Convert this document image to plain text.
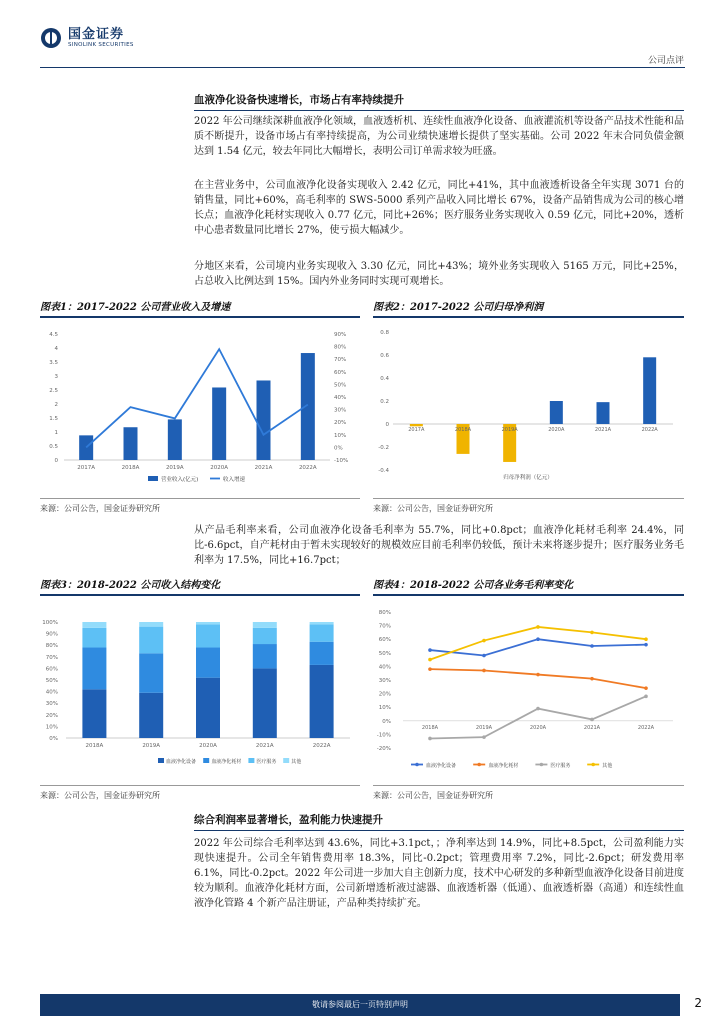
国金证券
SINOLINK SECURITIES
公司点评
血液净化设备快速增长，市场占有率持续提升
2022 年公司继续深耕血液净化领域，血液透析机、连续性血液净化设备、血液灌流机等设备产品技术性能和品质不断提升，设备市场占有率持续提高，为公司业绩快速增长提供了坚实基础。公司 2022 年末合同负债金额达到 1.54 亿元，较去年同比大幅增长，表明公司订单需求较为旺盛。
在主营业务中，公司血液净化设备实现收入 2.42 亿元，同比+41%，其中血液透析设备全年实现 3071 台的销售量，同比+60%，高毛利率的 SWS-5000 系列产品收入同比增长 67%，设备产品销售成为公司的核心增长点；血液净化耗材实现收入 0.77 亿元，同比+26%；医疗服务业务实现收入 0.59 亿元，同比+20%，透析中心患者数量同比增长 27%，使亏损大幅减少。
分地区来看，公司境内业务实现收入 3.30 亿元，同比+43%；境外业务实现收入 5165 万元，同比+25%，占总收入比例达到 15%。国内外业务同时实现可观增长。
图表1：2017-2022 公司营业收入及增速	图表2：2017-2022 公司归母净利润
0
0.5
1
1.5
2
2.5
3
3.5
4
4.5
-10%
0%
10%
20%
30%
40%
50%
60%
70%
80%
90%
2017A	2018A	2019A	2020A	2021A	2022A
营业收入(亿元)	收入增速
-0.4
-0.2
0
0.2
0.4
0.6
0.8
2017A	2018A	2019A	2020A	2021A	2022A
归母净利润（亿元）
来源：公司公告，国金证券研究所	来源：公司公告，国金证券研究所
从产品毛利率来看，公司血液净化设备毛利率为 55.7%，同比+0.8pct；血液净化耗材毛利率 24.4%，同比-6.6pct，自产耗材由于暂未实现较好的规模效应目前毛利率仍较低，预计未来将逐步提升；医疗服务业务毛利率为 17.5%，同比+16.7pct；
图表3：2018-2022 公司收入结构变化	图表4：2018-2022 公司各业务毛利率变化
0%
10%
20%
30%
40%
50%
60%
70%
80%
90%
100%
2018A	2019A	2020A	2021A	2022A
血液净化设备	血液净化耗材	医疗服务	其他
-20%
-10%
0%
10%
20%
30%
40%
50%
60%
70%
80%
2018A	2019A	2020A	2021A	2022A
血液净化设备	血液净化耗材	医疗服务	其他
来源：公司公告，国金证券研究所	来源：公司公告，国金证券研究所
综合利润率显著增长，盈利能力快速提升
2022 年公司综合毛利率达到 43.6%，同比+3.1pct，；净利率达到 14.9%，同比+8.5pct，公司盈利能力实现快速提升。公司全年销售费用率 18.3%，同比-0.2pct；管理费用率 7.2%，同比-2.6pct；研发费用率 6.1%，同比-0.2pct。2022 年公司进一步加大自主创新力度，技术中心研发的多种新型血液净化设备目前进度较为顺利。血液净化耗材方面，公司新增透析液过滤器、血液透析器（低通）、血液透析器（高通）和连续性血液净化管路 4 个新产品注册证，产品种类持续扩充。
敬请参阅最后一页特别声明	2
